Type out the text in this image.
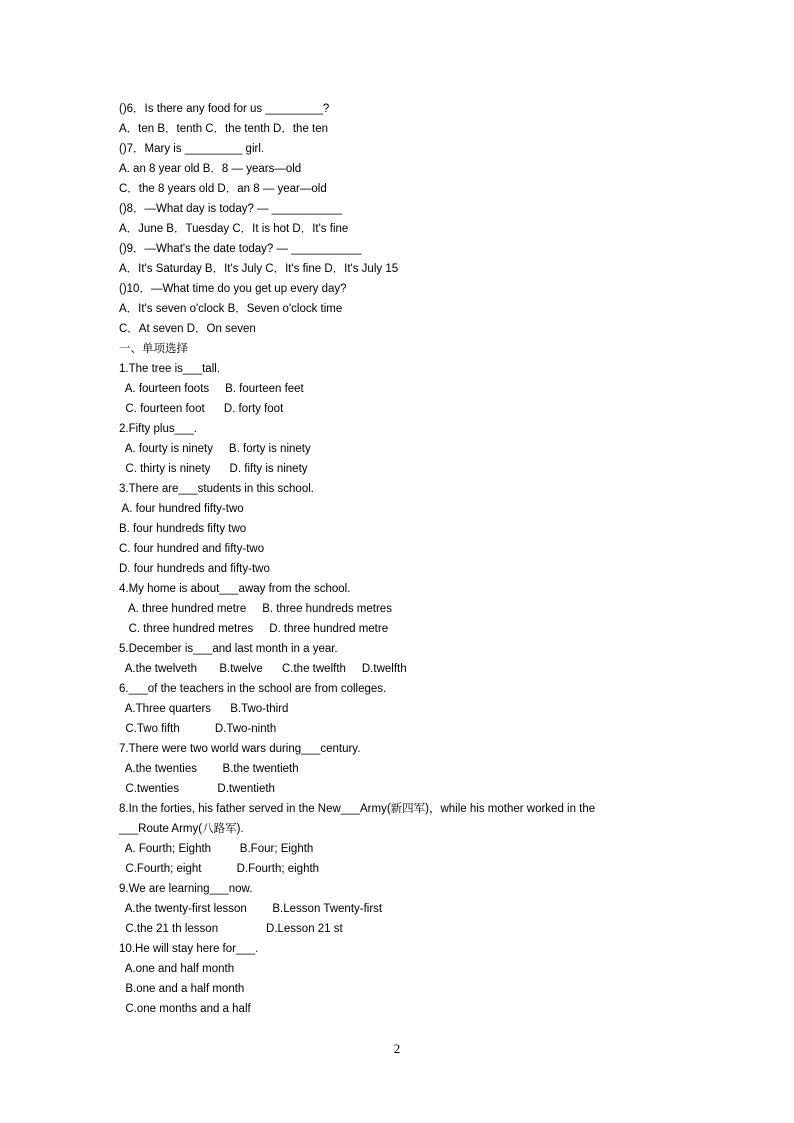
()6．Is there any food for us _________?
A．ten B．tenth C．the tenth D．the ten
()7．Mary is _________ girl.
A. an 8 year old B．8 — years—old
C．the 8 years old D．an 8 — year—old
()8．—What day is today? — ___________
A．June B．Tuesday C．It is hot D．It's fine
()9．—What's the date today? — ___________
A．It's Saturday B．It's July C．It's fine D．It's July 15
()10．—What time do you get up every day?
A．It's seven o'clock B．Seven o'clock time
C．At seven D．On seven
一、单项选择
1.The tree is___tall.
A. fourteen foots     B. fourteen feet
C. fourteen foot      D. forty foot
2.Fifty plus___.
A. fourty is ninety     B. forty is ninety
C. thirty is ninety      D. fifty is ninety
3.There are___students in this school.
A. four hundred fifty-two
B. four hundreds fifty two
C. four hundred and fifty-two
D. four hundreds and fifty-two
4.My home is about___away from the school.
A. three hundred metre     B. three hundreds metres
C. three hundred metres     D. three hundred metre
5.December is___and last month in a year.
A.the twelveth       B.twelve      C.the twelfth     D.twelfth
6.___of the teachers in the school are from colleges.
A.Three quarters      B.Two-third
C.Two fifth           D.Two-ninth
7.There were two world wars during___century.
A.the twenties        B.the twentieth
C.twenties            D.twentieth
8.In the forties, his father served in the New___Army(新四军)，while his mother worked in the
___Route Army(八路军).
A. Fourth; Eighth         B.Four; Eighth
C.Fourth; eight           D.Fourth; eighth
9.We are learning___now.
A.the twenty-first lesson        B.Lesson Twenty-first
C.the 21 th lesson               D.Lesson 21 st
10.He will stay here for___.
A.one and half month
B.one and a half month
C.one months and a half
2
